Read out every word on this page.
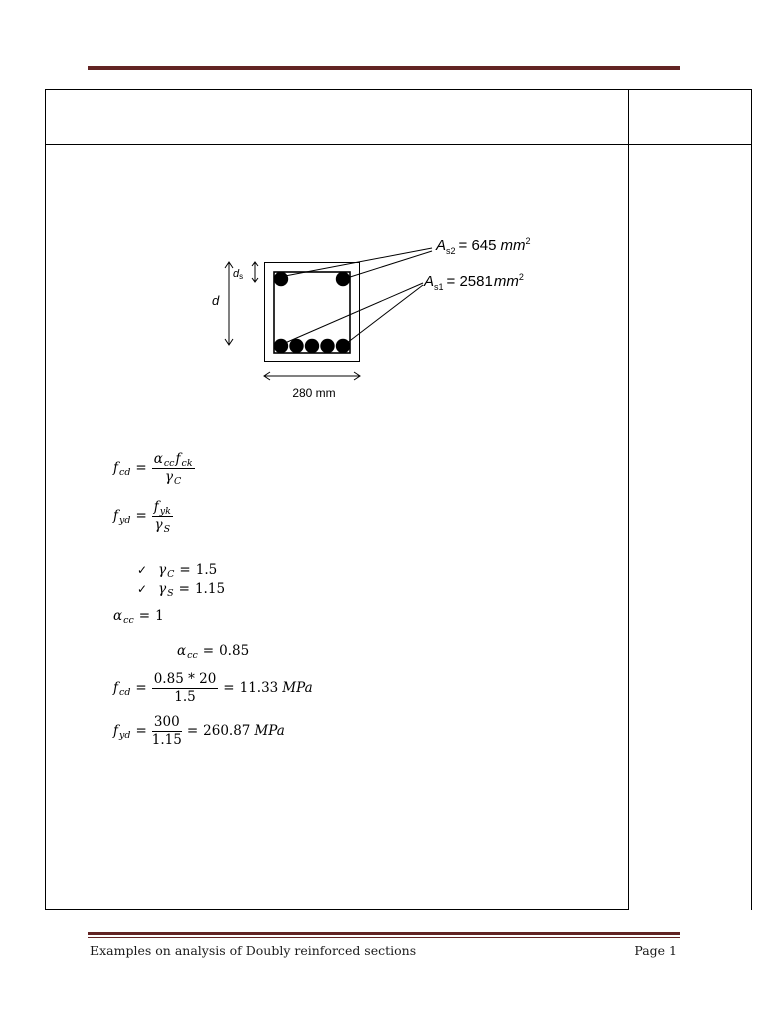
$A_{s2} = 645$ $mm^2$
$A_{s1} = 2581mm^2$
ds
d
280 mm
$f_{cd} = \frac{\alpha_{cc}f_{ck}}{\gamma_C}$
$f_{yd} = \frac{f_{yk}}{\gamma_S}$
✓ $\gamma_C = 1.5$
✓ $\gamma_S = 1.15$
$\alpha_{cc} = 1$
$\alpha_{cc} = 0.85$
$f_{cd} = \frac{0.85 * 20}{1.5} = 11.33$ MPa
$f_{yd} = \frac{300}{1.15} = 260.87$ MPa
Examples on analysis of Doubly reinforced sections	Page 1
